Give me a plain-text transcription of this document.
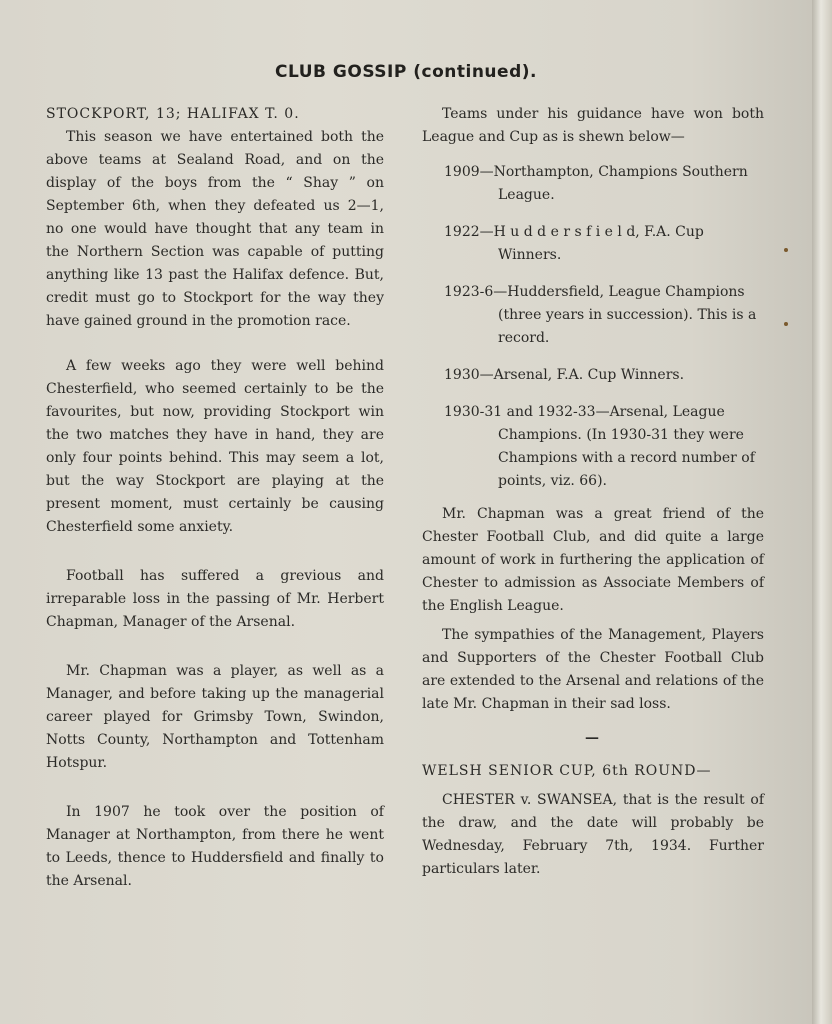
CLUB GOSSIP (continued).

STOCKPORT, 13; HALIFAX T. 0.

This season we have entertained both the above teams at Sealand Road, and on the display of the boys from the “ Shay ” on September 6th, when they defeated us 2—1, no one would have thought that any team in the Northern Section was capable of putting anything like 13 past the Halifax defence. But, credit must go to Stockport for the way they have gained ground in the promotion race.

A few weeks ago they were well behind Chesterfield, who seemed certainly to be the favourites, but now, providing Stockport win the two matches they have in hand, they are only four points behind. This may seem a lot, but the way Stockport are playing at the present moment, must certainly be causing Chesterfield some anxiety.

Football has suffered a grevious and irreparable loss in the passing of Mr. Herbert Chapman, Manager of the Arsenal.

Mr. Chapman was a player, as well as a Manager, and before taking up the managerial career played for Grimsby Town, Swindon, Notts County, Northampton and Tottenham Hotspur.

In 1907 he took over the position of Manager at Northampton, from there he went to Leeds, thence to Huddersfield and finally to the Arsenal.

Teams under his guidance have won both League and Cup as is shewn below—

1909—Northampton, Champions Southern League.
1922—H u d d e r s f i e l d, F.A. Cup Winners.
1923-6—Huddersfield, League Champions (three years in succession). This is a record.
1930—Arsenal, F.A. Cup Winners.
1930-31 and 1932-33—Arsenal, League Champions. (In 1930-31 they were Champions with a record number of points, viz. 66).

Mr. Chapman was a great friend of the Chester Football Club, and did quite a large amount of work in furthering the application of Chester to admission as Associate Members of the English League.

The sympathies of the Management, Players and Supporters of the Chester Football Club are extended to the Arsenal and relations of the late Mr. Chapman in their sad loss.

—

WELSH SENIOR CUP, 6th ROUND—

CHESTER v. SWANSEA, that is the result of the draw, and the date will probably be Wednesday, February 7th, 1934. Further particulars later.
